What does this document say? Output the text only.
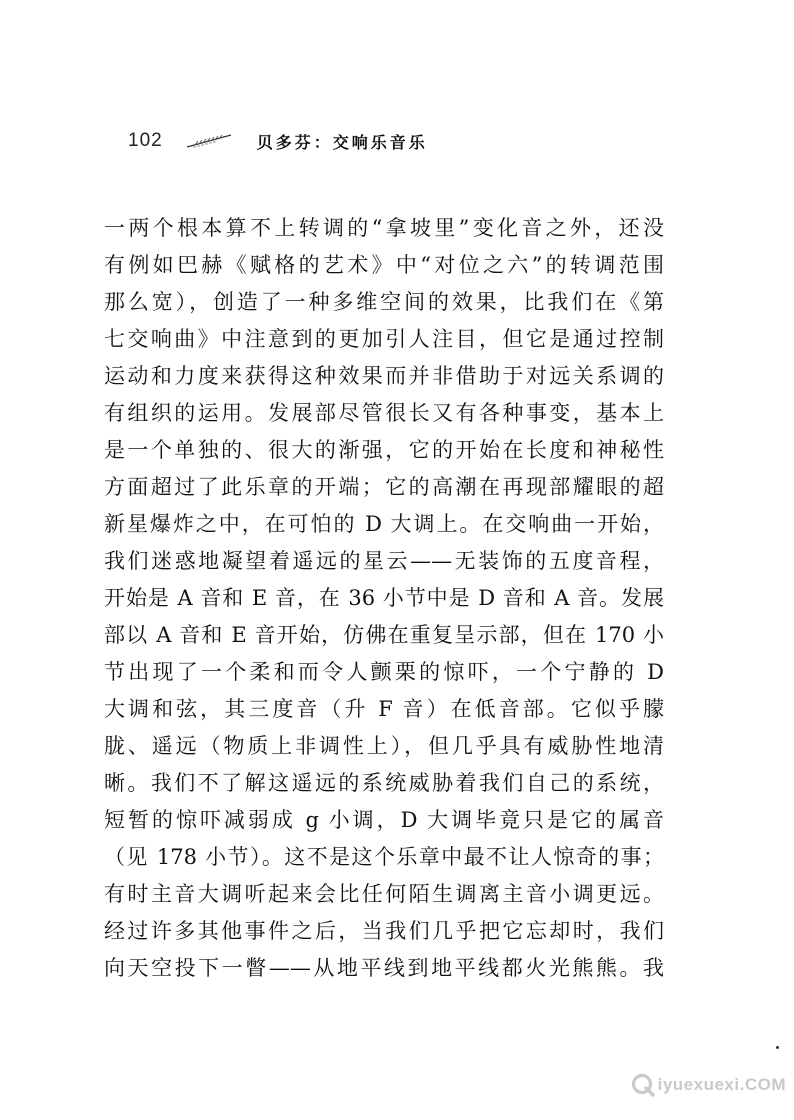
102	贝多芬：交响乐音乐
一两个根本算不上转调的“拿坡里”变化音之外，还没
有例如巴赫《赋格的艺术》中“对位之六”的转调范围
那么宽），创造了一种多维空间的效果，比我们在《第
七交响曲》中注意到的更加引人注目，但它是通过控制
运动和力度来获得这种效果而并非借助于对远关系调的
有组织的运用。发展部尽管很长又有各种事变，基本上
是一个单独的、很大的渐强，它的开始在长度和神秘性
方面超过了此乐章的开端；它的高潮在再现部耀眼的超
新星爆炸之中，在可怕的 D 大调上。在交响曲一开始，
我们迷惑地凝望着遥远的星云——无装饰的五度音程，
开始是 A 音和 E 音，在 36 小节中是 D 音和 A 音。发展
部以 A 音和 E 音开始，仿佛在重复呈示部，但在 170 小
节出现了一个柔和而令人颤栗的惊吓，一个宁静的 D
大调和弦，其三度音（升 F 音）在低音部。它似乎朦
胧、遥远（物质上非调性上），但几乎具有威胁性地清
晰。我们不了解这遥远的系统威胁着我们自己的系统，
短暂的惊吓减弱成 g 小调，D 大调毕竟只是它的属音
（见 178 小节）。这不是这个乐章中最不让人惊奇的事；
有时主音大调听起来会比任何陌生调离主音小调更远。
经过许多其他事件之后，当我们几乎把它忘却时，我们
向天空投下一瞥——从地平线到地平线都火光熊熊。我
iyuexuexi.COM
